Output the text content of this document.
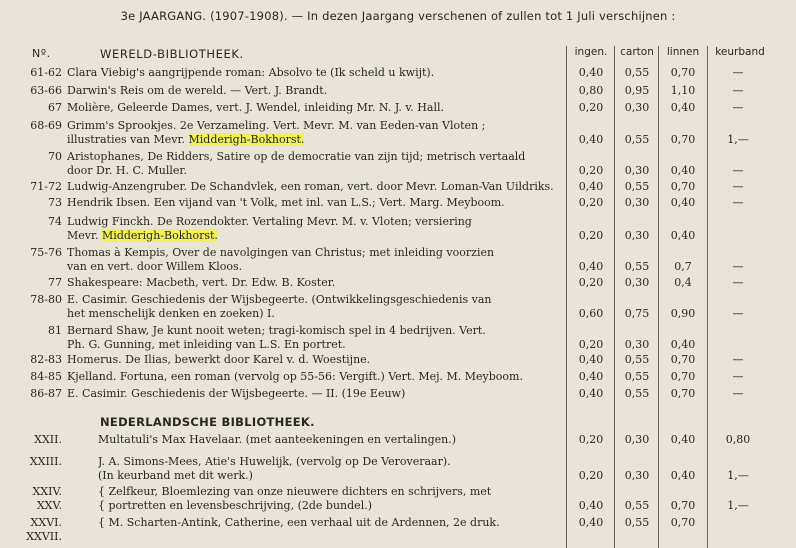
3e JAARGANG. (1907-1908). — In dezen Jaargang verschenen of zullen tot 1 Juli verschijnen :
ingen.	carton	linnen	keurband
Nº.	WERELD-BIBLIOTHEEK.
NEDERLANDSCHE BIBLIOTHEEK.
61-62 Clara Viebig's aangrijpende roman: Absolvo te (Ik scheld u kwijt).	0,40	0,55	0,70	—
63-66 Darwin's Reis om de wereld. — Vert. J. Brandt.	0,80	0,95	1,10	—
67 Molière, Geleerde Dames, vert. J. Wendel, inleiding Mr. N. J. v. Hall.	0,20	0,30	0,40	—
68-69 Grimm's Sprookjes. 2e Verzameling. Vert. Mevr. M. van Eeden-van Vloten ;
illustraties van Mevr. Midderigh-Bokhorst.	0,40	0,55	0,70	1,—
70 Aristophanes, De Ridders, Satire op de democratie van zijn tijd; metrisch vertaald
door Dr. H. C. Muller.	0,20	0,30	0,40	—
71-72 Ludwig-Anzengruber. De Schandvlek, een roman, vert. door Mevr. Loman-Van Uildriks.	0,40	0,55	0,70	—
73 Hendrik Ibsen. Een vijand van 't Volk, met inl. van L.S.; Vert. Marg. Meyboom.	0,20	0,30	0,40	—
74 Ludwig Finckh. De Rozendokter. Vertaling Mevr. M. v. Vloten; versiering
Mevr. Midderigh-Bokhorst.	0,20	0,30	0,40
75-76 Thomas à Kempis, Over de navolgingen van Christus; met inleiding voorzien
van en vert. door Willem Kloos.	0,40	0,55	0,7	—
77 Shakespeare: Macbeth, vert. Dr. Edw. B. Koster.	0,20	0,30	0,4	—
78-80 E. Casimir. Geschiedenis der Wijsbegeerte. (Ontwikkelingsgeschiedenis van
het menschelijk denken en zoeken) I.	0,60	0,75	0,90	—
81 Bernard Shaw, Je kunt nooit weten; tragi-komisch spel in 4 bedrijven. Vert.
Ph. G. Gunning, met inleiding van L.S. En portret.	0,20	0,30	0,40
82-83 Homerus. De Ilias, bewerkt door Karel v. d. Woestijne.	0,40	0,55	0,70	—
84-85 Kjelland. Fortuna, een roman (vervolg op 55-56: Vergift.) Vert. Mej. M. Meyboom.	0,40	0,55	0,70	—
86-87 E. Casimir. Geschiedenis der Wijsbegeerte. — II. (19e Eeuw)	0,40	0,55	0,70	—
XXII.	Multatuli's Max Havelaar. (met aanteekeningen en vertalingen.)	0,20	0,30	0,40	0,80
XXIII.	J. A. Simons-Mees, Atie's Huwelijk, (vervolg op De Veroveraar).
(In keurband met dit werk.)	0,20	0,30	0,40	1,—
XXIV.
XXV.
{ Zelfkeur, Bloemlezing van onze nieuwere dichters en schrijvers, met
{ portretten en levensbeschrijving, (2de bundel.)	0,40	0,55	0,70	1,—
XXVI.
XXVII.
{ M. Scharten-Antink, Catherine, een verhaal uit de Ardennen, 2e druk.	0,40	0,55	0,70
